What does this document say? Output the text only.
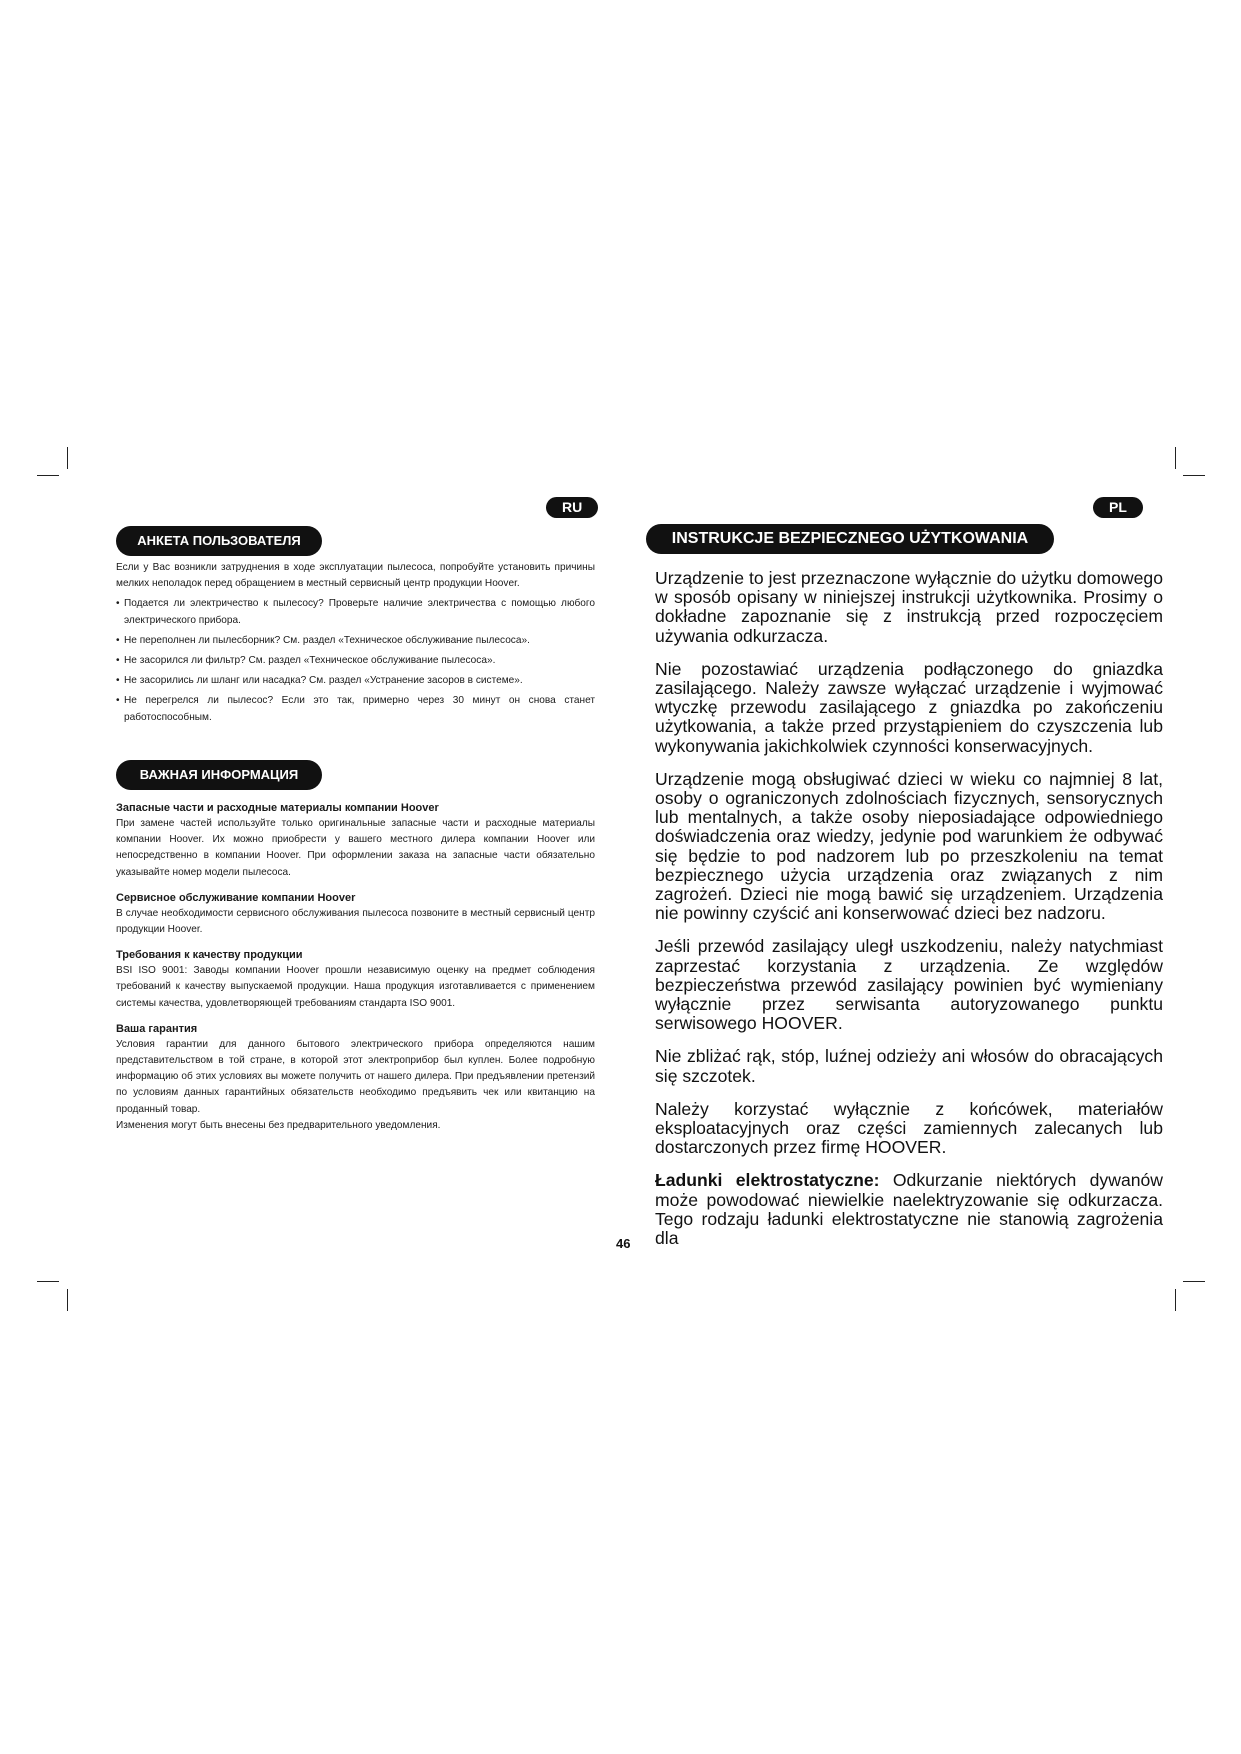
RU	PL
АНКЕТА ПОЛЬЗОВАТЕЛЯ
ВАЖНАЯ ИНФОРМАЦИЯ

Если у Вас возникли затруднения в ходе эксплуатации пылесоса, попробуйте установить причины мелких неполадок перед обращением в местный сервисный центр продукции Hoover.

• Подается ли электричество к пылесосу? Проверьте наличие электричества с помощью любого электрического прибора.
• Не переполнен ли пылесборник? См. раздел «Техническое обслуживание пылесоса».
• Не засорился ли фильтр? См. раздел «Техническое обслуживание пылесоса».
• Не засорились ли шланг или насадка? См. раздел «Устранение засоров в системе».
• Не перегрелся ли пылесос? Если это так, примерно через 30 минут он снова станет работоспособным.
Запасные части и расходные материалы компании Hoover

При замене частей используйте только оригинальные запасные части и расходные материалы компании Hoover. Их можно приобрести у вашего местного дилера компании Hoover или непосредственно в компании Hoover. При оформлении заказа на запасные части обязательно указывайте номер модели пылесоса.

Сервисное обслуживание компании Hoover

В случае необходимости сервисного обслуживания пылесоса позвоните в местный сервисный центр продукции Hoover.

Требования к качеству продукции

BSI ISO 9001: Заводы компании Hoover прошли независимую оценку на предмет соблюдения требований к качеству выпускаемой продукции. Наша продукция изготавливается с применением системы качества, удовлетворяющей требованиям стандарта ISO 9001.

Ваша гарантия

Условия гарантии для данного бытового электрического прибора определяются нашим представительством в той стране, в которой этот электроприбор был куплен. Более подробную информацию об этих условиях вы можете получить от нашего дилера. При предъявлении претензий по условиям данных гарантийных обязательств необходимо предъявить чек или квитанцию на проданный товар.

Изменения могут быть внесены без предварительного уведомления.

INSTRUKCJE BEZPIECZNEGO UŻYTKOWANIA

Urządzenie to jest przeznaczone wyłącznie do użytku domowego w sposób opisany w niniejszej instrukcji użytkownika. Prosimy o dokładne zapoznanie się z instrukcją przed rozpoczęciem używania odkurzacza.

Nie pozostawiać urządzenia podłączonego do gniazdka zasilającego. Należy zawsze wyłączać urządzenie i wyjmować wtyczkę przewodu zasilającego z gniazdka po zakończeniu użytkowania, a także przed przystąpieniem do czyszczenia lub wykonywania jakichkolwiek czynności konserwacyjnych.

Urządzenie mogą obsługiwać dzieci w wieku co najmniej 8 lat, osoby o ograniczonych zdolnościach fizycznych, sensorycznych lub mentalnych, a także osoby nieposiadające odpowiedniego doświadczenia oraz wiedzy, jedynie pod warunkiem że odbywać się będzie to pod nadzorem lub po przeszkoleniu na temat bezpiecznego użycia urządzenia oraz związanych z nim zagrożeń. Dzieci nie mogą bawić się urządzeniem. Urządzenia nie powinny czyścić ani konserwować dzieci bez nadzoru.

Jeśli przewód zasilający uległ uszkodzeniu, należy natychmiast zaprzestać korzystania z urządzenia. Ze względów bezpieczeństwa przewód zasilający powinien być wymieniany wyłącznie przez serwisanta autoryzowanego punktu serwisowego HOOVER.

Nie zbliżać rąk, stóp, luźnej odzieży ani włosów do obracających się szczotek.

Należy korzystać wyłącznie z końcówek, materiałów eksploatacyjnych oraz części zamiennych zalecanych lub dostarczonych przez firmę HOOVER.

Ładunki elektrostatyczne: Odkurzanie niektórych dywanów może powodować niewielkie naelektryzowanie się odkurzacza. Tego rodzaju ładunki elektrostatyczne nie stanowią zagrożenia dla

46
